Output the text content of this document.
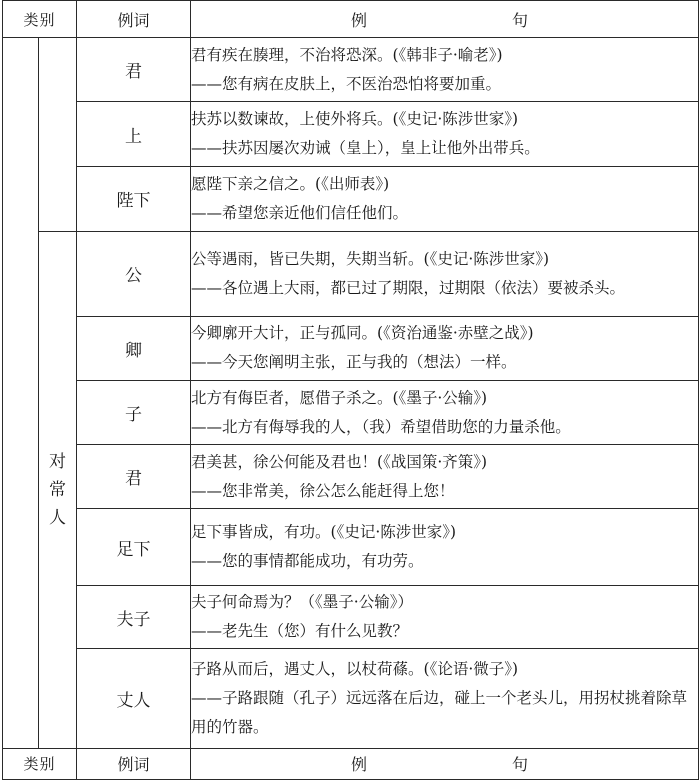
类别		例词	例 句

		君	君有疾在腠理，不治将恐深。(《韩非子·喻老》)
——您有病在皮肤上，不医治恐怕将要加重。

		上	扶苏以数谏故，上使外将兵。(《史记·陈涉世家》)
——扶苏因屡次劝诫（皇上），皇上让他外出带兵。

		陛下	愿陛下亲之信之。(《出师表》)
——希望您亲近他们信任他们。

	对常人	公	公等遇雨，皆已失期，失期当斩。(《史记·陈涉世家》)
——各位遇上大雨，都已过了期限，过期限（依法）要被杀头。

		卿	今卿廓开大计，正与孤同。(《资治通鉴·赤壁之战》)
——今天您阐明主张，正与我的（想法）一样。

		子	北方有侮臣者，愿借子杀之。(《墨子·公输》)
——北方有侮辱我的人，（我）希望借助您的力量杀他。

		君	君美甚，徐公何能及君也！(《战国策·齐策》)
——您非常美，徐公怎么能赶得上您！

		足下	足下事皆成，有功。(《史记·陈涉世家》)
——您的事情都能成功，有功劳。

		夫子	夫子何命焉为？（《墨子·公输》）
——老先生（您）有什么见教？

		丈人	子路从而后，遇丈人，以杖荷蓧。(《论语·微子》)
——子路跟随（孔子）远远落在后边，碰上一个老头儿，用拐杖挑着除草用的竹器。

类别		例词	例 句
